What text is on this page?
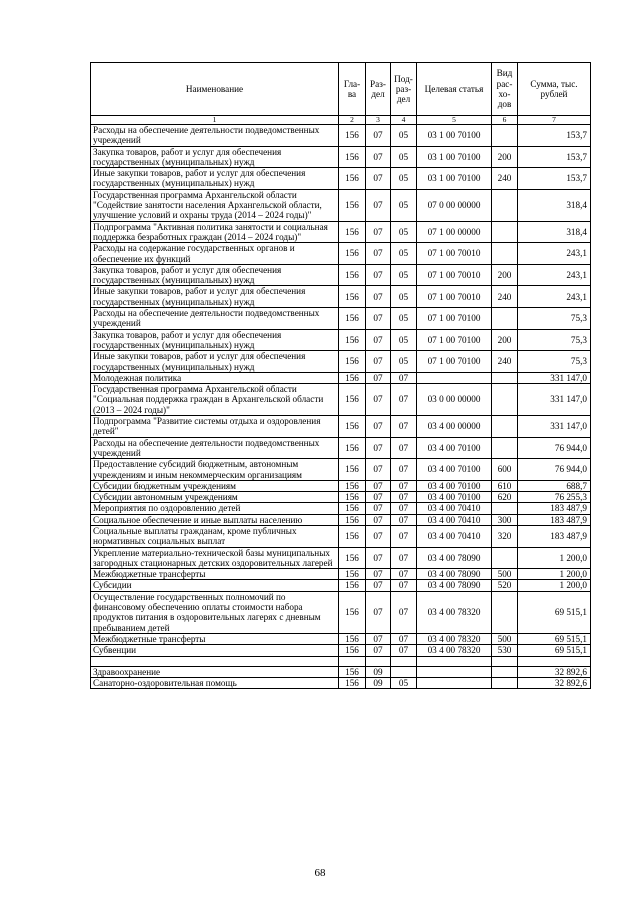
Наименование	Гла-ва	Раз-дел	Под-раз-дел	Целевая статья	Вид рас-хо-дов	Сумма, тыс. рублей
1	2	3	4	5	6	7
Расходы на обеспечение деятельности подведомственных учреждений	156	07	05	03 1 00 70100		153,7
Закупка товаров, работ и услуг для обеспечения государственных (муниципальных) нужд	156	07	05	03 1 00 70100	200	153,7
Иные закупки товаров, работ и услуг для обеспечения государственных (муниципальных) нужд	156	07	05	03 1 00 70100	240	153,7
Государственная программа Архангельской области "Содействие занятости населения Архангельской области, улучшение условий и охраны труда (2014 – 2024 годы)"	156	07	05	07 0 00 00000		318,4
Подпрограмма "Активная политика занятости и социальная поддержка безработных граждан (2014 – 2024 годы)"	156	07	05	07 1 00 00000		318,4
Расходы на содержание государственных органов и обеспечение их функций	156	07	05	07 1 00 70010		243,1
Закупка товаров, работ и услуг для обеспечения государственных (муниципальных) нужд	156	07	05	07 1 00 70010	200	243,1
Иные закупки товаров, работ и услуг для обеспечения государственных (муниципальных) нужд	156	07	05	07 1 00 70010	240	243,1
Расходы на обеспечение деятельности подведомственных учреждений	156	07	05	07 1 00 70100		75,3
Закупка товаров, работ и услуг для обеспечения государственных (муниципальных) нужд	156	07	05	07 1 00 70100	200	75,3
Иные закупки товаров, работ и услуг для обеспечения государственных (муниципальных) нужд	156	07	05	07 1 00 70100	240	75,3
Молодежная политика	156	07	07			331 147,0
Государственная программа Архангельской области "Социальная поддержка граждан в Архангельской области (2013 – 2024 годы)"	156	07	07	03 0 00 00000		331 147,0
Подпрограмма "Развитие системы отдыха и оздоровления детей"	156	07	07	03 4 00 00000		331 147,0
Расходы на обеспечение деятельности подведомственных учреждений	156	07	07	03 4 00 70100		76 944,0
Предоставление субсидий бюджетным, автономным учреждениям и иным некоммерческим организациям	156	07	07	03 4 00 70100	600	76 944,0
Субсидии бюджетным учреждениям	156	07	07	03 4 00 70100	610	688,7
Субсидии автономным учреждениям	156	07	07	03 4 00 70100	620	76 255,3
Мероприятия по оздоровлению детей	156	07	07	03 4 00 70410		183 487,9
Социальное обеспечение и иные выплаты населению	156	07	07	03 4 00 70410	300	183 487,9
Социальные выплаты гражданам, кроме публичных нормативных социальных выплат	156	07	07	03 4 00 70410	320	183 487,9
Укрепление материально-технической базы муниципальных загородных стационарных детских оздоровительных лагерей	156	07	07	03 4 00 78090		1 200,0
Межбюджетные трансферты	156	07	07	03 4 00 78090	500	1 200,0
Субсидии	156	07	07	03 4 00 78090	520	1 200,0
Осуществление государственных полномочий по финансовому обеспечению оплаты стоимости набора продуктов питания в оздоровительных лагерях с дневным пребыванием детей	156	07	07	03 4 00 78320		69 515,1
Межбюджетные трансферты	156	07	07	03 4 00 78320	500	69 515,1
Субвенции	156	07	07	03 4 00 78320	530	69 515,1

Здравоохранение	156	09				32 892,6
Санаторно-оздоровительная помощь	156	09	05			32 892,6
68
